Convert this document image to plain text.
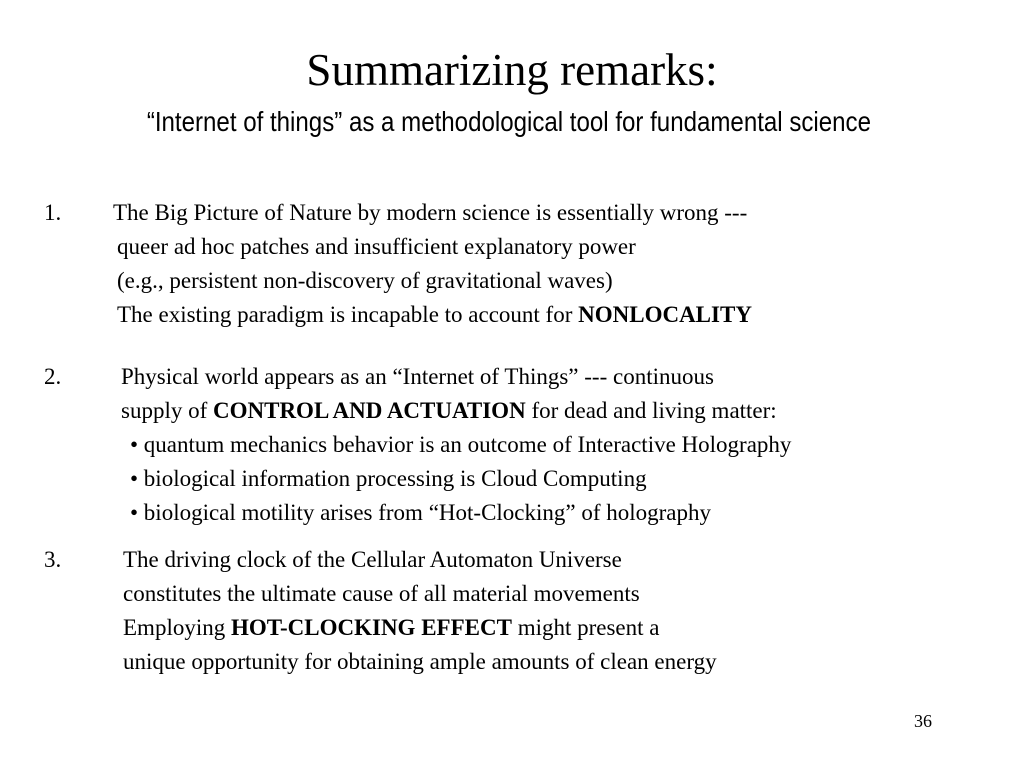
Summarizing remarks:
“Internet of things” as a methodological tool for fundamental science
1. The Big Picture of Nature by modern science is essentially wrong ---
queer ad hoc patches and insufficient explanatory power
(e.g., persistent non-discovery of gravitational waves)
The existing paradigm is incapable to account for NONLOCALITY
2.	Physical world appears as an “Internet of Things” --- continuous
supply of CONTROL AND ACTUATION for dead and living matter:
• quantum mechanics behavior is an outcome of Interactive Holography
• biological information processing is Cloud Computing
• biological motility arises from “Hot-Clocking” of holography
3.	The driving clock of the Cellular Automaton Universe
constitutes the ultimate cause of all material movements
Employing HOT-CLOCKING EFFECT might present a
unique opportunity for obtaining ample amounts of clean energy
36
